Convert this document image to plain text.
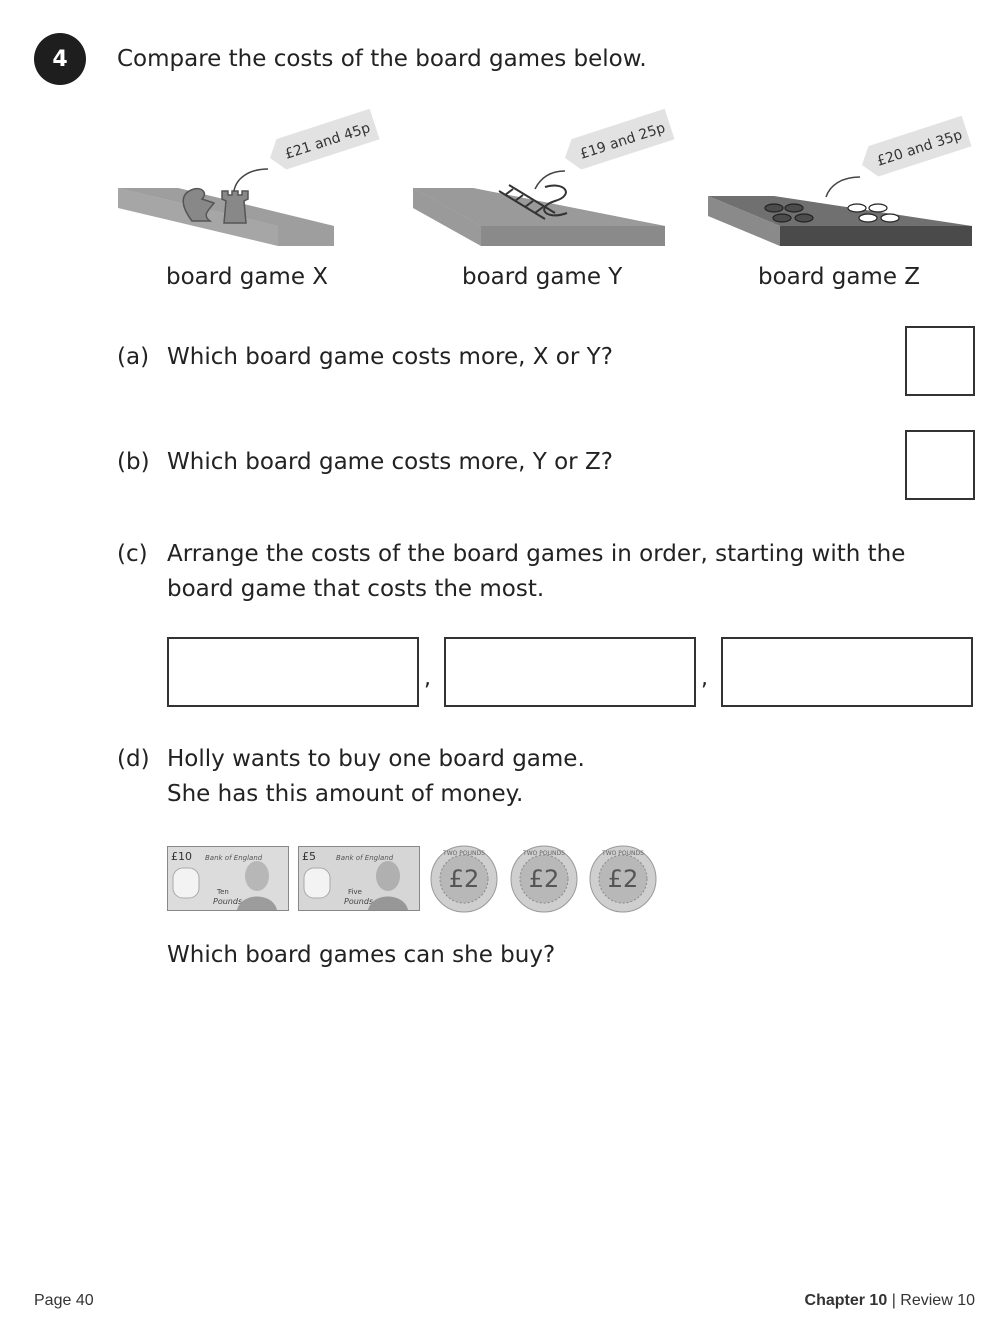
4	Compare the costs of the board games below.
£21 and 45p
board game X
£19 and 25p
board game Y
£20 and 35p
board game Z
(a) Which board game costs more, X or Y?
(b) Which board game costs more, Y or Z?
(c) Arrange the costs of the board games in order, starting with the
board game that costs the most.
,	,
(d) Holly wants to buy one board game.
She has this amount of money.
£10 Bank of England
Ten
Pounds
£5	Bank of England
Five
Pounds
£2
TWO POUNDS
£2
TWO POUNDS
£2
TWO POUNDS
Which board games can she buy?
Page 40	Chapter 10 | Review 10
